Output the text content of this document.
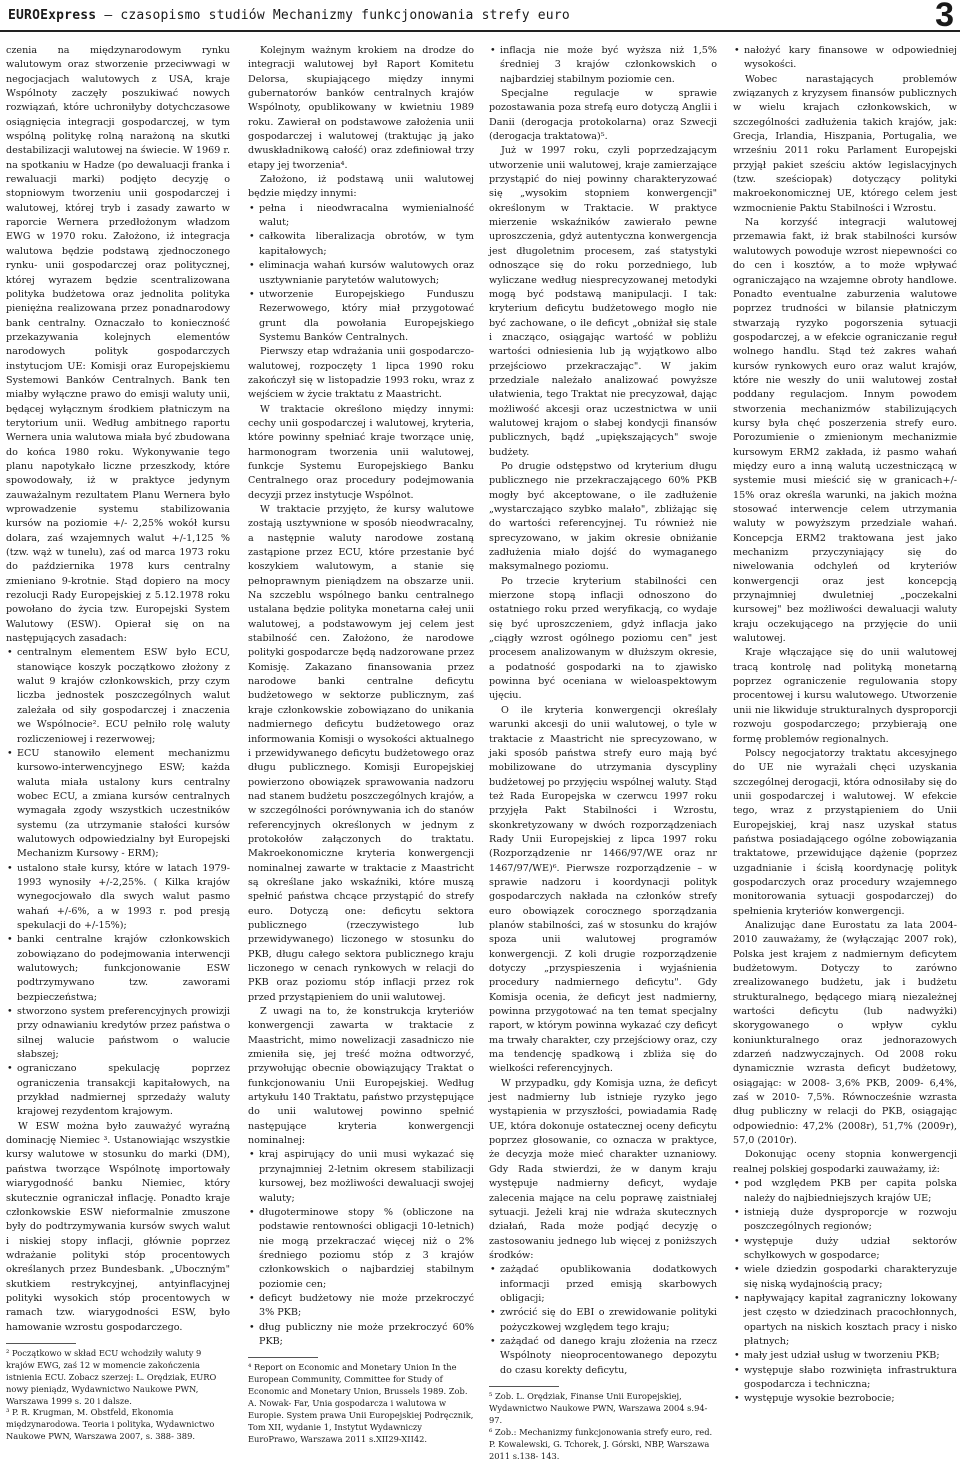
EUROExpress – czasopismo studiów Mechanizmy funkcjonowania strefy euro	3

czenia na międzynarodowym rynku walutowym oraz stworzenie przeciwwagi w negocjacjach walutowych z USA, kraje Wspólnoty zaczęły poszukiwać nowych rozwiązań, które uchroniłyby dotychczasowe osiągnięcia integracji gospodarczej, w tym wspólną politykę rolną narażoną na skutki destabilizacji walutowej na świecie. W 1969 r. na spotkaniu w Hadze (po dewaluacji franka i rewaluacji marki) podjęto decyzję o stopniowym tworzeniu unii gospodarczej i walutowej, której tryb i zasady zawarto w raporcie Wernera przedłożonym władzom EWG w 1970 roku. Założono, iż integracja walutowa będzie podstawą zjednoczonego rynku- unii gospodarczej oraz politycznej, której wyrazem będzie scentralizowana polityka budżetowa oraz jednolita polityka pieniężna realizowana przez ponadnarodowy bank centralny. Oznaczało to konieczność przekazywania kolejnych elementów narodowych polityk gospodarczych instytucjom UE: Komisji oraz Europejskiemu Systemowi Banków Centralnych. Bank ten miałby wyłączne prawo do emisji waluty unii, będącej wyłącznym środkiem płatniczym na terytorium unii. Według ambitnego raportu Wernera unia walutowa miała być zbudowana do końca 1980 roku. Wykonywanie tego planu napotykało liczne przeszkody, które spowodowały, iż w praktyce jedynym zauważalnym rezultatem Planu Wernera było wprowadzenie systemu stabilizowania kursów na poziomie +/- 2,25% wokół kursu dolara, zaś wzajemnych walut +/-1,125 % (tzw. wąż w tunelu), zaś od marca 1973 roku do października 1978 kurs centralny zmieniano 9-krotnie. Stąd dopiero na mocy rezolucji Rady Europejskiej z 5.12.1978 roku powołano do życia tzw. Europejski System Walutowy (ESW). Opierał się on na następujących zasadach:

• centralnym elementem ESW było ECU, stanowiące koszyk początkowo złożony z walut 9 krajów członkowskich, przy czym liczba jednostek poszczególnych walut zależała od siły gospodarczej i znaczenia we Wspólnocie². ECU pełniło rolę waluty rozliczeniowej i rezerwowej;
• ECU stanowiło element mechanizmu kursowo-interwencyjnego ESW; każda waluta miała ustalony kurs centralny wobec ECU, a zmiana kursów centralnych wymagała zgody wszystkich uczestników systemu (za utrzymanie stałości kursów walutowych odpowiedzialny był Europejski Mechanizm Kursowy - ERM);
• ustalono stałe kursy, które w latach 1979-1993 wynosiły +/-2,25%. ( Kilka krajów wynegocjowało dla swych walut pasmo wahań +/-6%, a w 1993 r. pod presją spekulacji do +/-15%);
• banki centralne krajów członkowskich zobowiązano do podejmowania interwencji walutowych; funkcjonowanie ESW podtrzymywano tzw. zaworami bezpieczeństwa;
• stworzono system preferencyjnych prowizji przy odnawianiu kredytów przez państwa o silnej walucie państwom o walucie słabszej;
• ograniczano spekulację poprzez ograniczenia transakcji kapitałowych, na przykład nadmiernej sprzedaży waluty krajowej rezydentom krajowym.

W ESW można było zauważyć wyraźną dominację Niemiec ³. Ustanowiając wszystkie kursy walutowe w stosunku do marki (DM), państwa tworzące Wspólnotę importowały wiarygodność banku Niemiec, który skutecznie ograniczał inflację. Ponadto kraje członkowskie ESW nieformalnie zmuszone były do podtrzymywania kursów swych walut i niskiej stopy inflacji, głównie poprzez wdrażanie polityki stóp procentowych określanych przez Bundesbank. „Uboczným" skutkiem restrykcyjnej, antyinflacyjnej polityki wysokich stóp procentowych w ramach tzw. wiarygodności ESW, było hamowanie wzrostu gospodarczego.

² Początkowo w skład ECU wchodziły waluty 9 krajów EWG, zaś 12 w momencie zakończenia istnienia ECU. Zobacz szerzej: L. Orędziak, EURO nowy pieniądz, Wydawnictwo Naukowe PWN, Warszawa 1999 s. 20 i dalsze.

³ P. R. Krugman, M. Obstfeld, Ekonomia międzynarodowa. Teoria i polityka, Wydawnictwo Naukowe PWN, Warszawa 2007, s. 388- 389.

Kolejnym ważnym krokiem na drodze do integracji walutowej był Raport Komitetu Delorsa, skupiającego między innymi gubernatorów banków centralnych krajów Wspólnoty, opublikowany w kwietniu 1989 roku. Zawierał on podstawowe założenia unii gospodarczej i walutowej (traktując ją jako dwuskładnikową całość) oraz zdefiniował trzy etapy jej tworzenia⁴.

Założono, iż podstawą unii walutowej będzie między innymi:

• pełna i nieodwracalna wymienialność walut;
• całkowita liberalizacja obrotów, w tym kapitałowych;
• eliminacja wahań kursów walutowych oraz usztywnianie parytetów walutowych;
• utworzenie Europejskiego Funduszu Rezerwowego, który miał przygotować grunt dla powołania Europejskiego Systemu Banków Centralnych.

Pierwszy etap wdrażania unii gospodarczo- walutowej, rozpoczęty 1 lipca 1990 roku zakończył się w listopadzie 1993 roku, wraz z wejściem w życie traktatu z Maastricht.

W traktacie określono między innymi: cechy unii gospodarczej i walutowej, kryteria, które powinny spełniać kraje tworzące unię, harmonogram tworzenia unii walutowej, funkcje Systemu Europejskiego Banku Centralnego oraz procedury podejmowania decyzji przez instytucje Wspólnot.

W traktacie przyjęto, że kursy walutowe zostają usztywnione w sposób nieodwracalny, a następnie waluty narodowe zostaną zastąpione przez ECU, które przestanie być koszykiem walutowym, a stanie się pełnoprawnym pieniądzem na obszarze unii. Na szczeblu wspólnego banku centralnego ustalana będzie polityka monetarna całej unii walutowej, a podstawowym jej celem jest stabilność cen. Założono, że narodowe polityki gospodarcze będą nadzorowane przez Komisję. Zakazano finansowania przez narodowe banki centralne deficytu budżetowego w sektorze publicznym, zaś kraje członkowskie zobowiązano do unikania nadmiernego deficytu budżetowego oraz informowania Komisji o wysokości aktualnego i przewidywanego deficytu budżetowego oraz długu publicznego. Komisji Europejskiej powierzono obowiązek sprawowania nadzoru nad stanem budżetu poszczególnych krajów, a w szczególności porównywania ich do stanów referencyjnych określonych w jednym z protokołów załączonych do traktatu. Makroekonomiczne kryteria konwergencji nominalnej zawarte w traktacie z Maastricht są określane jako wskaźniki, które muszą spełnić państwa chcące przystąpić do strefy euro. Dotyczą one: deficytu sektora publicznego (rzeczywistego lub przewidywanego) liczonego w stosunku do PKB, długu całego sektora publicznego kraju liczonego w cenach rynkowych w relacji do PKB oraz poziomu stóp inflacji przez rok przed przystąpieniem do unii walutowej.

Z uwagi na to, że konstrukcja kryteriów konwergencji zawarta w traktacie z Maastricht, mimo nowelizacji zasadniczo nie zmieniła się, jej treść można odtworzyć, przywołując obecnie obowiązujący Traktat o funkcjonowaniu Unii Europejskiej. Według artykułu 140 Traktatu, państwo przystępujące do unii walutowej powinno spełnić następujące kryteria konwergencji nominalnej:

• kraj aspirujący do unii musi wykazać się przynajmniej 2-letnim okresem stabilizacji kursowej, bez możliwości dewaluacji swojej waluty;
• długoterminowe stopy % (obliczone na podstawie rentowności obligacji 10-letnich) nie mogą przekraczać więcej niż o 2% średniego poziomu stóp z 3 krajów członkowskich o najbardziej stabilnym poziomie cen;
• deficyt budżetowy nie może przekroczyć 3% PKB;
• dług publiczny nie może przekroczyć 60% PKB;

⁴ Report on Economic and Monetary Union In the European Community, Committee for Study of Economic and Monetary Union, Brussels 1989. Zob. A. Nowak- Far, Unia gospodarcza i walutowa w Europie. System prawa Unii Europejskiej Podręcznik, Tom XII, wydanie 1, Instytut Wydawniczy EuroPrawo, Warszawa 2011 s.XII29-XII42.

• inflacja nie może być wyższa niż 1,5% średniej 3 krajów członkowskich o najbardziej stabilnym poziomie cen.

Specjalne regulacje w sprawie pozostawania poza strefą euro dotyczą Anglii i Danii (derogacja protokolarna) oraz Szwecji (derogacja traktatowa)⁵.

Już w 1997 roku, czyli poprzedzającym utworzenie unii walutowej, kraje zamierzające przystąpić do niej powinny charakteryzować się „wysokim stopniem konwergencji" określonym w Traktacie. W praktyce mierzenie wskaźników zawierało pewne uproszczenia, gdyż autentyczna konwergencja jest długoletnim procesem, zaś statystyki odnoszące się do roku porzedniego, lub wyliczane według niesprecyzowanej metodyki mogą być podstawą manipulacji. I tak: kryterium deficytu budżetowego mogło nie być zachowane, o ile deficyt „obniżał się stale i znacząco, osiągając wartość w pobliżu wartości odniesienia lub ją wyjątkowo albo przejściowo przekraczając". W jakim przedziale należało analizować powyższe ułatwienia, tego Traktat nie precyzował, dając możliwość akcesji oraz uczestnictwa w unii walutowej krajom o słabej kondycji finansów publicznych, bądź „upiększających" swoje budżety.

Po drugie odstępstwo od kryterium długu publicznego nie przekraczającego 60% PKB mogły być akceptowane, o ile zadłużenie „wystarczająco szybko malało", zbliżając się do wartości referencyjnej. Tu również nie sprecyzowano, w jakim okresie obniżanie zadłużenia miało dojść do wymaganego maksymalnego poziomu.

Po trzecie kryterium stabilności cen mierzone stopą inflacji odnoszono do ostatniego roku przed weryfikacją, co wydaje się być uproszczeniem, gdyż inflacja jako „ciągły wzrost ogólnego poziomu cen" jest procesem analizowanym w dłuższym okresie, a podatność gospodarki na to zjawisko powinna być oceniana w wieloaspektowym ujęciu.

O ile kryteria konwergencji określały warunki akcesji do unii walutowej, o tyle w traktacie z Maastricht nie sprecyzowano, w jaki sposób państwa strefy euro mają być mobilizowane do utrzymania dyscypliny budżetowej po przyjęciu wspólnej waluty. Stąd też Rada Europejska w czerwcu 1997 roku przyjęła Pakt Stabilności i Wzrostu, skonkretyzowany w dwóch rozporządzeniach Rady Unii Europejskiej z lipca 1997 roku (Rozporządzenie nr 1466/97/WE oraz nr 1467/97/WE)⁶. Pierwsze rozporządzenie – w sprawie nadzoru i koordynacji polityk gospodarczych nakłada na członków strefy euro obowiązek corocznego sporządzania planów stabilności, zaś w stosunku do krajów spoza unii walutowej programów konwergencji. Z koli drugie rozporządzenie dotyczy „przyspieszenia i wyjaśnienia procedury nadmiernego deficytu". Gdy Komisja ocenia, że deficyt jest nadmierny, powinna przygotować na ten temat specjalny raport, w którym powinna wykazać czy deficyt ma trwały charakter, czy przejściowy oraz, czy ma tendencję spadkową i zbliża się do wielkości referencyjnych.

W przypadku, gdy Komisja uzna, że deficyt jest nadmierny lub istnieje ryzyko jego wystąpienia w przyszłości, powiadamia Radę UE, która dokonuje ostatecznej oceny deficytu poprzez głosowanie, co oznacza w praktyce, że decyzja może mieć charakter uznaniowy. Gdy Rada stwierdzi, że w danym kraju występuje nadmierny deficyt, wydaje zalecenia mające na celu poprawę zaistniałej sytuacji. Jeżeli kraj nie wdraża skutecznych działań, Rada może podjąć decyzję o zastosowaniu jednego lub więcej z poniższych środków:

• zażądać opublikowania dodatkowych informacji przed emisją skarbowych obligacji;
• zwrócić się do EBI o zrewidowanie polityki pożyczkowej względem tego kraju;
• zażądać od danego kraju złożenia na rzecz Wspólnoty nieoprocentowanego depozytu do czasu korekty deficytu,

⁵ Zob. L. Orędziak, Finanse Unii Europejskiej, Wydawnictwo Naukowe PWN, Warszawa 2004 s.94-97.

⁶ Zob.: Mechanizmy funkcjonowania strefy euro, red. P. Kowalewski, G. Tchorek, J. Górski, NBP, Warszawa 2011 s.138- 143.

• nałożyć kary finansowe w odpowiedniej wysokości.

Wobec narastających problemów związanych z kryzysem finansów publicznych w wielu krajach członkowskich, w szczególności zadłużenia takich krajów, jak: Grecja, Irlandia, Hiszpania, Portugalia, we wrześniu 2011 roku Parlament Europejski przyjął pakiet sześciu aktów legislacyjnych (tzw. sześciopak) dotyczący polityki makroekonomicznej UE, którego celem jest wzmocnienie Paktu Stabilności i Wzrostu.

Na korzyść integracji walutowej przemawia fakt, iż brak stabilności kursów walutowych powoduje wzrost niepewności co do cen i kosztów, a to może wpływać ograniczająco na wzajemne obroty handlowe. Ponadto eventualne zaburzenia walutowe poprzez trudności w bilansie płatniczym stwarzają ryzyko pogorszenia sytuacji gospodarczej, a w efekcie ograniczanie reguł wolnego handlu. Stąd też zakres wahań kursów rynkowych euro oraz walut krajów, które nie weszły do unii walutowej został poddany regulacjom. Innym powodem stworzenia mechanizmów stabilizujących kursy była chęć poszerzenia strefy euro. Porozumienie o zmienionym mechanizmie kursowym ERM2 zakłada, iż pasmo wahań między euro a inną walutą uczestniczącą w systemie musi mieścić się w granicach+/- 15% oraz określa warunki, na jakich można stosować interwencje celem utrzymania waluty w powyższym przedziale wahań. Koncepcja ERM2 traktowana jest jako mechanizm przyczyniający się do niwelowania odchyleń od kryteriów konwergencji oraz jest koncepcją przynajmniej dwuletniej „poczekalni kursowej" bez możliwości dewaluacji waluty kraju oczekującego na przyjęcie do unii walutowej.

Kraje włączające się do unii walutowej tracą kontrolę nad polityką monetarną poprzez ograniczenie regulowania stopy procentowej i kursu walutowego. Utworzenie unii nie likwiduje strukturalnych dysproporcji rozwoju gospodarczego; przybierają one formę problemów regionalnych.

Polscy negocjatorzy traktatu akcesyjnego do UE nie wyrażali chęci uzyskania szczególnej derogacji, która odnosiłaby się do unii gospodarczej i walutowej. W efekcie tego, wraz z przystąpieniem do Unii Europejskiej, kraj nasz uzyskał status państwa posiadającego ogólne zobowiązania traktatowe, przewidujące dążenie (poprzez uzgadnianie i ścisłą koordynację polityk gospodarczych oraz procedury wzajemnego monitorowania sytuacji gospodarczej) do spełnienia kryteriów konwergencji.

Analizując dane Eurostatu za lata 2004-2010 zauważamy, że (wyłączając 2007 rok), Polska jest krajem z nadmiernym deficytem budżetowym. Dotyczy to zarówno zrealizowanego budżetu, jak i budżetu strukturalnego, będącego miarą niezależnej wartości deficytu (lub nadwyżki) skorygowanego o wpływ cyklu koniunkturalnego oraz jednorazowych zdarzeń nadzwyczajnych. Od 2008 roku dynamicznie wzrasta deficyt budżetowy, osiągając: w 2008- 3,6% PKB, 2009- 6,4%, zaś w 2010- 7,5%. Równocześnie wzrasta dług publiczny w relacji do PKB, osiągając odpowiednio: 47,2% (2008r), 51,7% (2009r), 57,0 (2010r).

Dokonując oceny stopnia konwergencji realnej polskiej gospodarki zauważamy, iż:

• pod względem PKB per capita polska należy do najbiedniejszych krajów UE;
• istnieją duże dysproporcje w rozwoju poszczególnych regionów;
• występuje duży udział sektorów schyłkowych w gospodarce;
• wiele dziedzin gospodarki charakteryzuje się niską wydajnością pracy;
• napływający kapitał zagraniczny lokowany jest często w dziedzinach pracochłonnych, opartych na niskich kosztach pracy i nisko płatnych;
• mały jest udział usług w tworzeniu PKB;
• występuje słabo rozwinięta infrastruktura gospodarcza i techniczna;
• występuje wysokie bezrobocie;
